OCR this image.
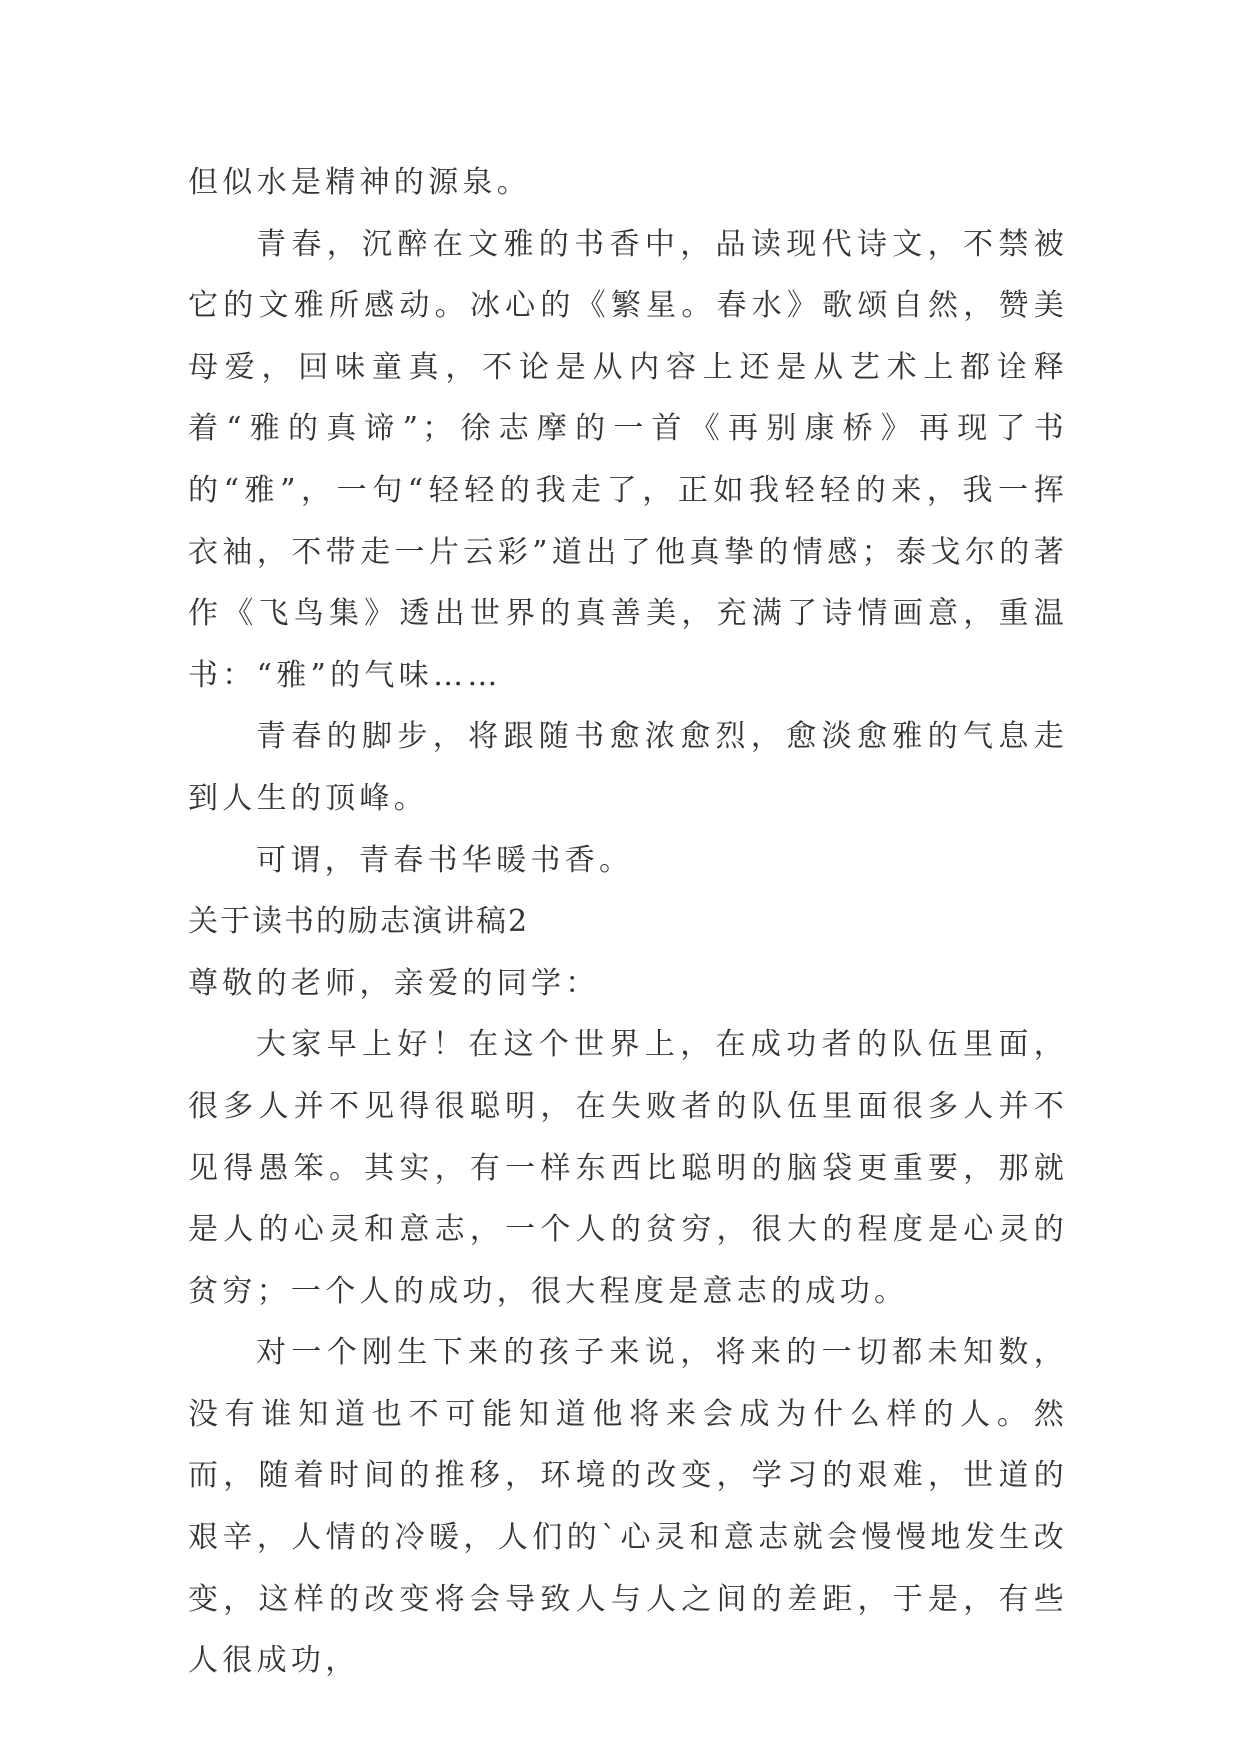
但似水是精神的源泉。

青春，沉醉在文雅的书香中，品读现代诗文，不禁被它的文雅所感动。冰心的《繁星。春水》歌颂自然，赞美母爱，回味童真，不论是从内容上还是从艺术上都诠释着“雅的真谛”；徐志摩的一首《再别康桥》再现了书的“雅”，一句“轻轻的我走了，正如我轻轻的来，我一挥衣袖，不带走一片云彩”道出了他真挚的情感；泰戈尔的著作《飞鸟集》透出世界的真善美，充满了诗情画意，重温书：“雅”的气味……

青春的脚步，将跟随书愈浓愈烈，愈淡愈雅的气息走到人生的顶峰。

可谓，青春书华暖书香。

关于读书的励志演讲稿2

尊敬的老师，亲爱的同学：

大家早上好！在这个世界上，在成功者的队伍里面，很多人并不见得很聪明，在失败者的队伍里面很多人并不见得愚笨。其实，有一样东西比聪明的脑袋更重要，那就是人的心灵和意志，一个人的贫穷，很大的程度是心灵的贫穷；一个人的成功，很大程度是意志的成功。

对一个刚生下来的孩子来说，将来的一切都未知数，没有谁知道也不可能知道他将来会成为什么样的人。然而，随着时间的推移，环境的改变，学习的艰难，世道的艰辛，人情的冷暖，人们的`心灵和意志就会慢慢地发生改变，这样的改变将会导致人与人之间的差距，于是，有些人很成功，
